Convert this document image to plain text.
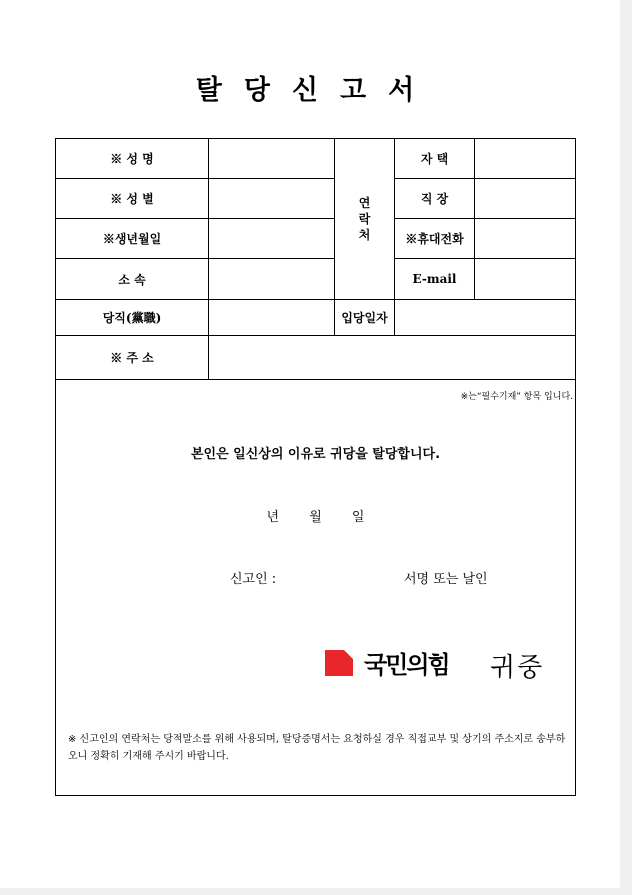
탈당신고서
※ 성 명
※ 성 별
※생년월일
소 속
당직(黨職)
※ 주 소
연
락
처
자 택
직 장
※휴대전화
E-mail
입당일자
※는“필수기재” 항목 입니다.
본인은 일신상의 이유로 귀당을 탈당합니다.
년 월 일
신고인 :	서명 또는 날인
국민의힘 귀중
※ 신고인의 연락처는 당적말소를 위해 사용되며, 탈당증명서는 요청하실 경우 직접교부 및 상기의 주소지로 송부하오니 정확히 기재해 주시기 바랍니다.
